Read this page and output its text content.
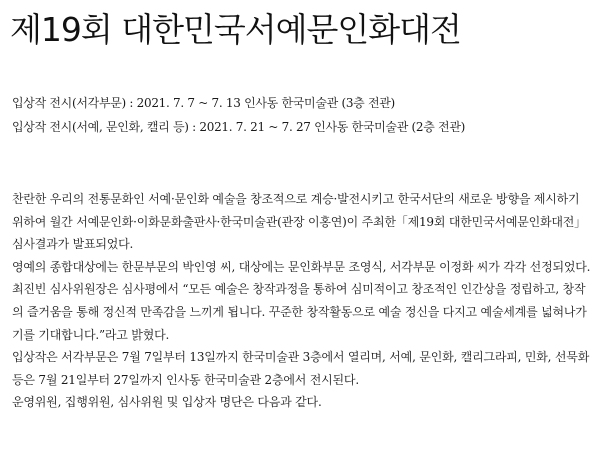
제19회 대한민국서예문인화대전
입상작 전시(서각부문) : 2021. 7. 7 ~ 7. 13 인사동 한국미술관 (3층 전관)
입상작 전시(서예, 문인화, 캘리 등) : 2021. 7. 21 ~ 7. 27 인사동 한국미술관 (2층 전관)

찬란한 우리의 전통문화인 서예·문인화 예술을 창조적으로 계승·발전시키고 한국서단의 새로운 방향을 제시하기 위하여 월간 서예문인화·이화문화출판사·한국미술관(관장 이홍연)이 주최한「제19회 대한민국서예문인화대전」심사결과가 발표되었다.

영예의 종합대상에는 한문부문의 박인영 씨, 대상에는 문인화부문 조영식, 서각부문 이정화 씨가 각각 선정되었다.

최진빈 심사위원장은 심사평에서 “모든 예술은 창작과정을 통하여 심미적이고 창조적인 인간상을 정립하고, 창작의 즐거움을 통해 정신적 만족감을 느끼게 됩니다. 꾸준한 창작활동으로 예술 정신을 다지고 예술세계를 넓혀나가기를 기대합니다.”라고 밝혔다.

입상작은 서각부문은 7월 7일부터 13일까지 한국미술관 3층에서 열리며, 서예, 문인화, 캘리그라피, 민화, 선묵화 등은 7월 21일부터 27일까지 인사동 한국미술관 2층에서 전시된다.

운영위원, 집행위원, 심사위원 및 입상자 명단은 다음과 같다.
